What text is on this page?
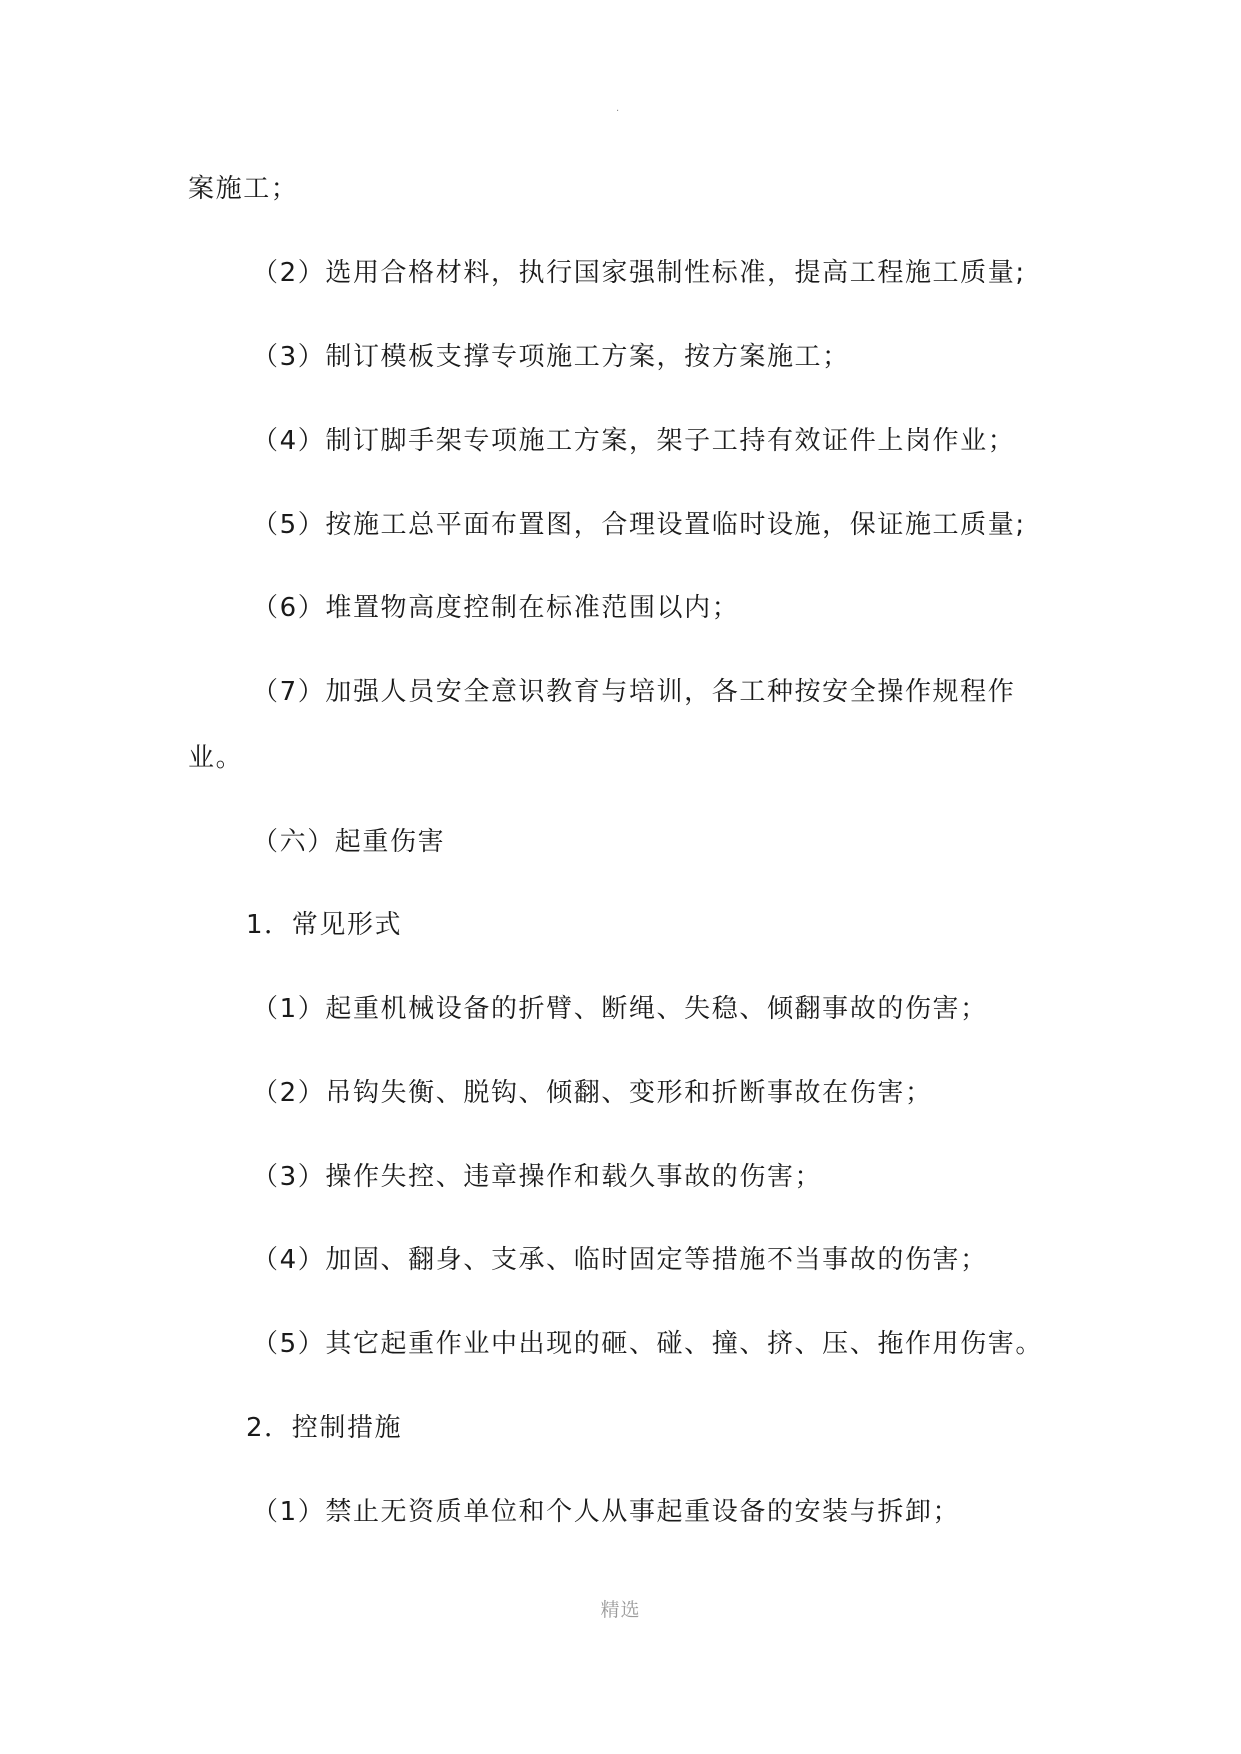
.
案施工；
（2）选用合格材料，执行国家强制性标准，提高工程施工质量;
（3）制订模板支撑专项施工方案，按方案施工；
（4）制订脚手架专项施工方案，架子工持有效证件上岗作业；
（5）按施工总平面布置图，合理设置临时设施，保证施工质量;
（6）堆置物高度控制在标准范围以内；
（7）加强人员安全意识教育与培训，各工种按安全操作规程作
业。
（六）起重伤害
1．常见形式
（1）起重机械设备的折臂、断绳、失稳、倾翻事故的伤害；
（2）吊钩失衡、脱钩、倾翻、变形和折断事故在伤害；
（3）操作失控、违章操作和载久事故的伤害；
（4）加固、翻身、支承、临时固定等措施不当事故的伤害；
（5）其它起重作业中出现的砸、碰、撞、挤、压、拖作用伤害。
2．控制措施
（1）禁止无资质单位和个人从事起重设备的安装与拆卸；
精选
